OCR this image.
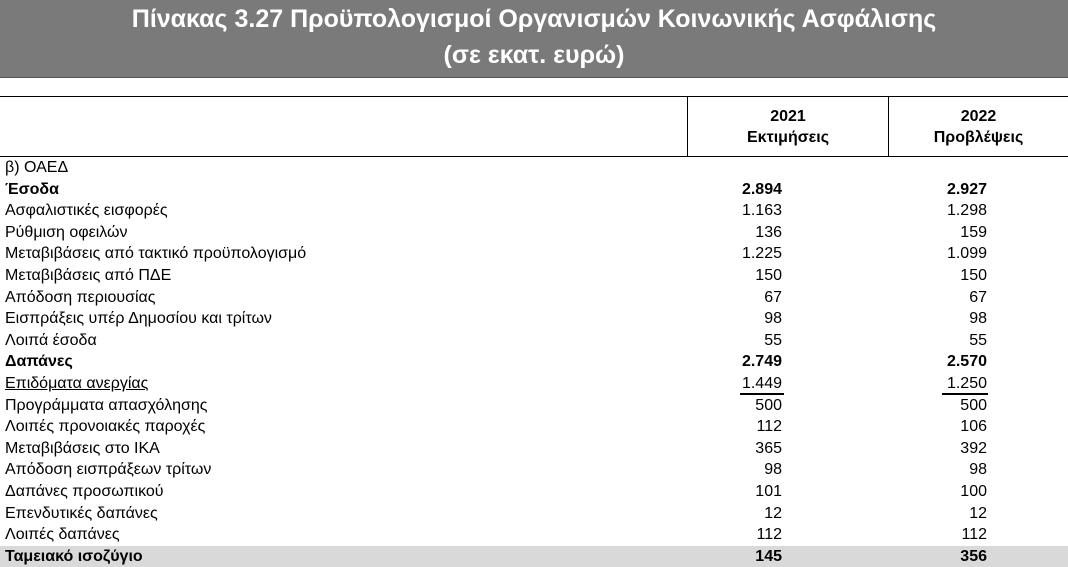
Πίνακας 3.27 Προϋπολογισμοί Οργανισμών Κοινωνικής Ασφάλισης
(σε εκατ. ευρώ)
2021
Εκτιμήσεις
2022
Προβλέψεις
β) ΟΑΕΔ
Έσοδα	2.894	2.927
Ασφαλιστικές εισφορές	1.163	1.298
Ρύθμιση οφειλών	136	159
Μεταβιβάσεις από τακτικό προϋπολογισμό	1.225	1.099
Μεταβιβάσεις από ΠΔΕ	150	150
Απόδοση περιουσίας	67	67
Εισπράξεις υπέρ Δημοσίου και τρίτων	98	98
Λοιπά έσοδα	55	55
Δαπάνες	2.749	2.570
Επιδόματα ανεργίας	1.449	1.250
Προγράμματα απασχόλησης	500	500
Λοιπές προνοιακές παροχές	112	106
Μεταβιβάσεις στο ΙΚΑ	365	392
Απόδοση εισπράξεων τρίτων	98	98
Δαπάνες προσωπικού	101	100
Επενδυτικές δαπάνες	12	12
Λοιπές δαπάνες	112	112
Ταμειακό ισοζύγιο	145	356
